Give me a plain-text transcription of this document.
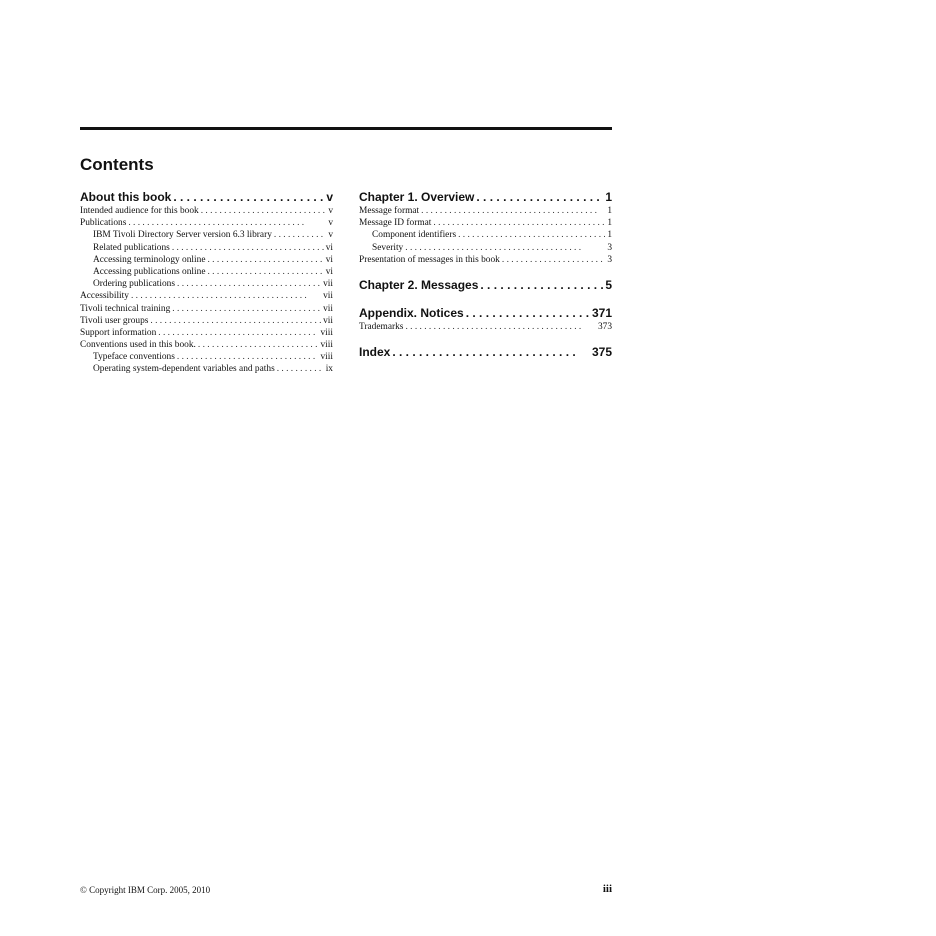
Contents
About this book . .	v
Intended audience for this book . .	v
Publications . .	v
IBM Tivoli Directory Server version 6.3 library . .	v
Related publications . .	vi
Accessing terminology online . .	vi
Accessing publications online . .	vi
Ordering publications . .	vii
Accessibility . .	vii
Tivoli technical training . .	vii
Tivoli user groups . .	vii
Support information . .	viii
Conventions used in this book. . .	viii
Typeface conventions . .	viii
Operating system-dependent variables and paths . .	ix
Chapter 1. Overview . .	1
Message format . .	1
Message ID format . .	1
Component identifiers . .	1
Severity . .	3
Presentation of messages in this book . .	3
Chapter 2. Messages . .	5
Appendix. Notices . .	371
Trademarks . .	373
Index . .	375
© Copyright IBM Corp. 2005, 2010	iii
